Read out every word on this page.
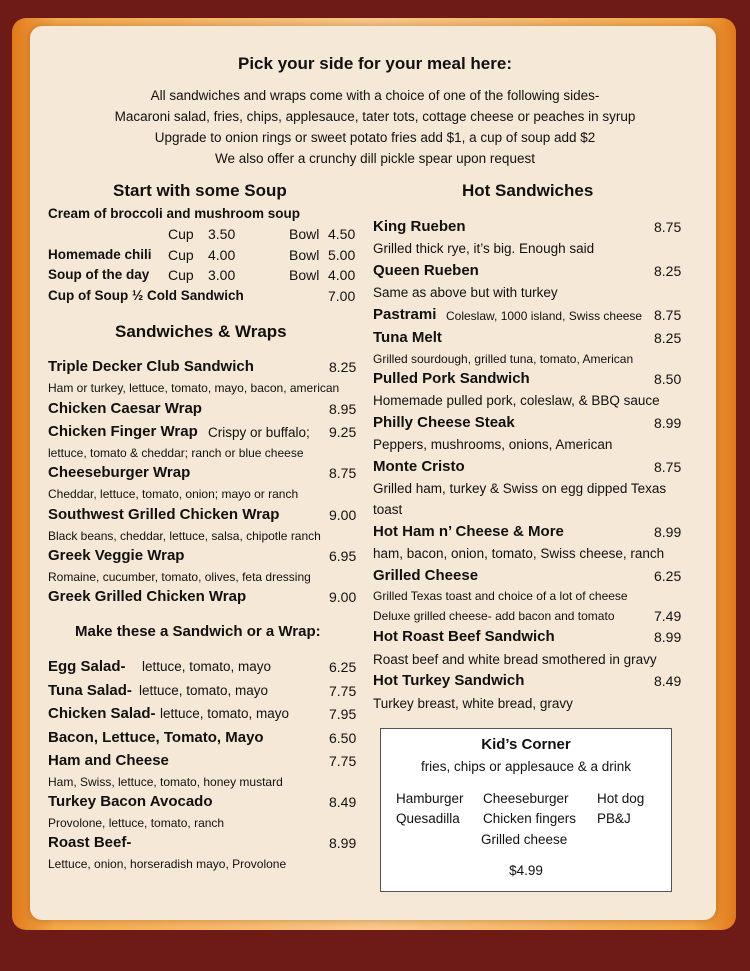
Pick your side for your meal here:
All sandwiches and wraps come with a choice of one of the following sides-
Macaroni salad, fries, chips, applesauce, tater tots, cottage cheese or peaches in syrup
Upgrade to onion rings or sweet potato fries add $1, a cup of soup add $2
We also offer a crunchy dill pickle spear upon request
Start with some Soup
Cream of broccoli and mushroom soup
Cup 3.50	Bowl 4.50
Homemade chili Cup 4.00	Bowl 5.00
Soup of the day Cup 3.00	Bowl 4.00
Cup of Soup ½ Cold Sandwich	7.00
Sandwiches & Wraps
Triple Decker Club Sandwich	8.25
Ham or turkey, lettuce, tomato, mayo, bacon, american
Chicken Caesar Wrap	8.95
Chicken Finger Wrap Crispy or buffalo; 9.25
lettuce, tomato & cheddar; ranch or blue cheese
Cheeseburger Wrap	8.75
Cheddar, lettuce, tomato, onion; mayo or ranch
Southwest Grilled Chicken Wrap	9.00
Black beans, cheddar, lettuce, salsa, chipotle ranch
Greek Veggie Wrap	6.95
Romaine, cucumber, tomato, olives, feta dressing
Greek Grilled Chicken Wrap	9.00
Make these a Sandwich or a Wrap:
Egg Salad- lettuce, tomato, mayo	6.25
Tuna Salad- lettuce, tomato, mayo	7.75
Chicken Salad- lettuce, tomato, mayo	7.95
Bacon, Lettuce, Tomato, Mayo	6.50
Ham and Cheese	7.75
Ham, Swiss, lettuce, tomato, honey mustard
Turkey Bacon Avocado	8.49
Provolone, lettuce, tomato, ranch
Roast Beef-	8.99
Lettuce, onion, horseradish mayo, Provolone
Hot Sandwiches
King Rueben	8.75
Grilled thick rye, it’s big. Enough said
Queen Rueben	8.25
Same as above but with turkey
Pastrami Coleslaw, 1000 island, Swiss cheese 8.75
Tuna Melt	8.25
Grilled sourdough, grilled tuna, tomato, American
Pulled Pork Sandwich	8.50
Homemade pulled pork, coleslaw, & BBQ sauce
Philly Cheese Steak	8.99
Peppers, mushrooms, onions, American
Monte Cristo	8.75
Grilled ham, turkey & Swiss on egg dipped Texas
toast
Hot Ham n’ Cheese & More	8.99
ham, bacon, onion, tomato, Swiss cheese, ranch
Grilled Cheese	6.25
Grilled Texas toast and choice of a lot of cheese
Deluxe grilled cheese- add bacon and tomato	7.49
Hot Roast Beef Sandwich	8.99
Roast beef and white bread smothered in gravy
Hot Turkey Sandwich	8.49
Turkey breast, white bread, gravy
Kid’s Corner
fries, chips or applesauce & a drink
Hamburger
Quesadilla
Cheeseburger
Chicken fingers
Grilled cheese
Hot dog
PB&J
$4.99
